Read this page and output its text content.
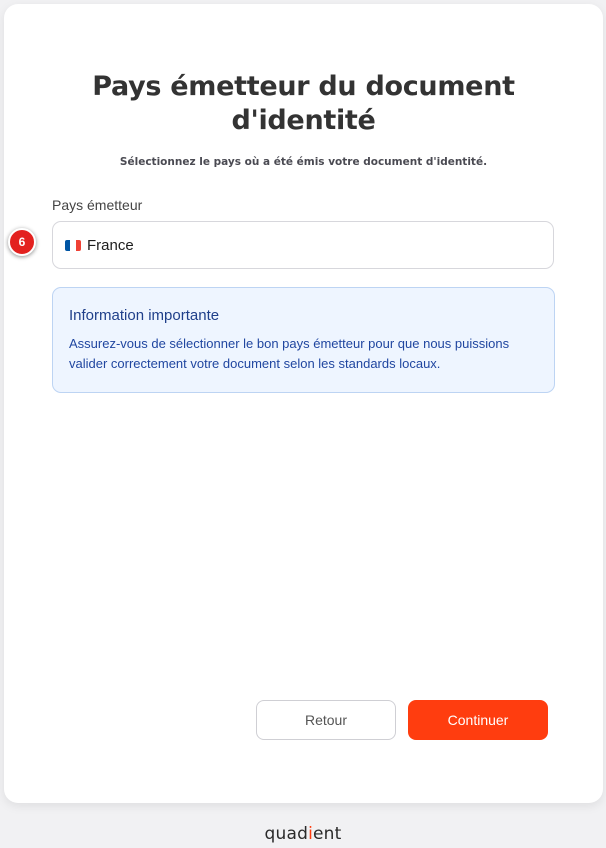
Pays émetteur du document d'identité
Sélectionnez le pays où a été émis votre document d'identité.
Pays émetteur
France
Information importante
Assurez-vous de sélectionner le bon pays émetteur pour que nous puissions valider correctement votre document selon les standards locaux.
Retour	Continuer
6
quadient
